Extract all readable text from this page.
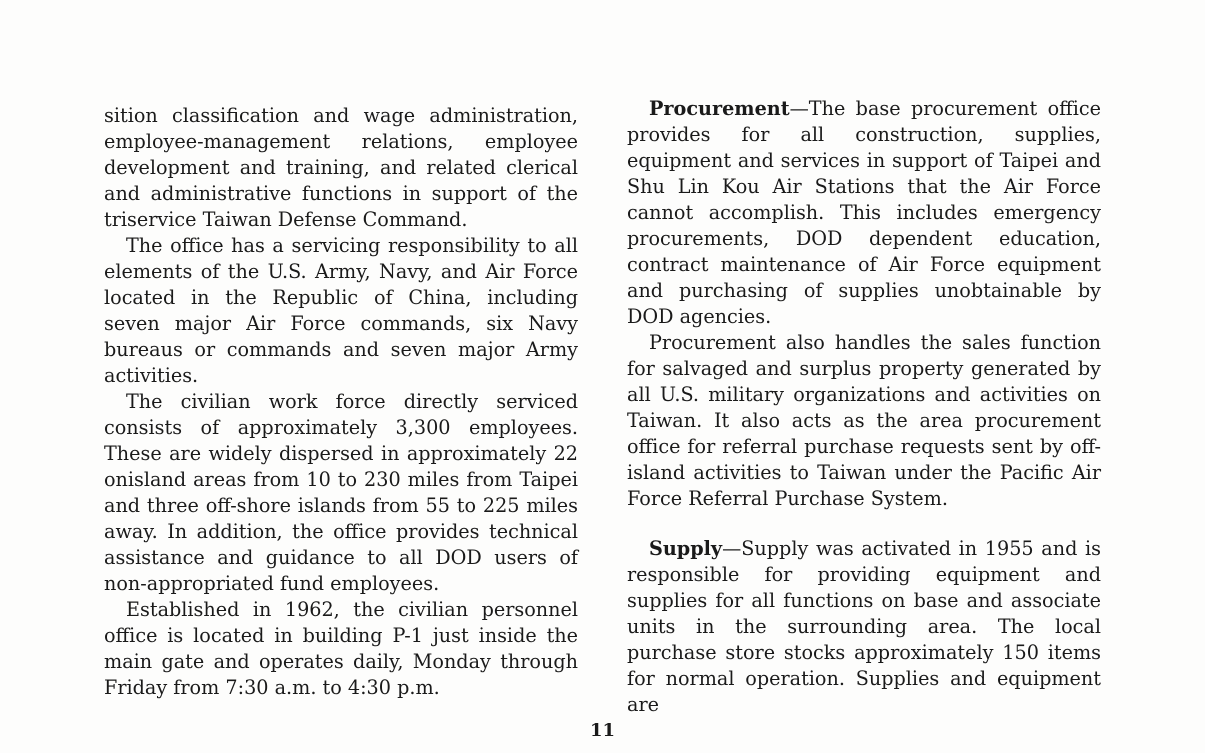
sition classification and wage administration, employee-management relations, employee development and training, and related clerical and administrative functions in support of the triservice Taiwan Defense Command.

The office has a servicing responsibility to all elements of the U.S. Army, Navy, and Air Force located in the Republic of China, including seven major Air Force commands, six Navy bureaus or commands and seven major Army activities.

The civilian work force directly serviced consists of approximately 3,300 employees. These are widely dispersed in approximately 22 onisland areas from 10 to 230 miles from Taipei and three off-shore islands from 55 to 225 miles away. In addition, the office provides technical assistance and guidance to all DOD users of non-appropriated fund employees.

Established in 1962, the civilian personnel office is located in building P-1 just inside the main gate and operates daily, Monday through Friday from 7:30 a.m. to 4:30 p.m.

Procurement—The base procurement office provides for all construction, supplies, equipment and services in support of Taipei and Shu Lin Kou Air Stations that the Air Force cannot accomplish. This includes emergency procurements, DOD dependent education, contract maintenance of Air Force equipment and purchasing of supplies unobtainable by DOD agencies.

Procurement also handles the sales function for salvaged and surplus property generated by all U.S. military organizations and activities on Taiwan. It also acts as the area procurement office for referral purchase requests sent by off-island activities to Taiwan under the Pacific Air Force Referral Purchase System.

Supply—Supply was activated in 1955 and is responsible for providing equipment and supplies for all functions on base and associate units in the surrounding area. The local purchase store stocks approximately 150 items for normal operation. Supplies and equipment are

11
